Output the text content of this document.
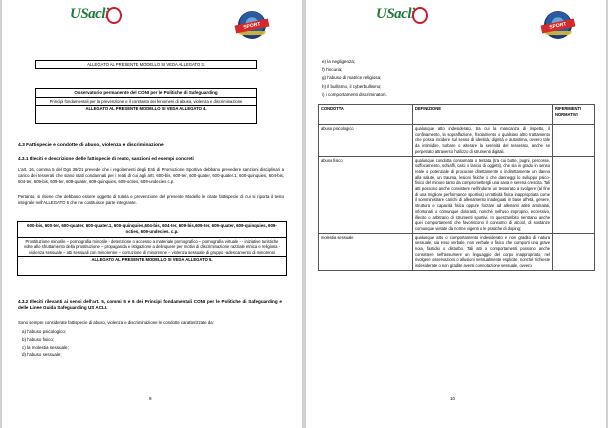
USacli
SPORT
ALLEGATO AL PRESENTE MODELLO SI VEDA ALLEGATO 3.
Osservatorio permanente del CONI per le Politiche di Safeguarding
Principi fondamentali per la prevenzione e il contrasto dei fenomeni di abuso, violenza e discriminazione
ALLEGATO AL PRESENTE MODELLO SI VEDA ALLEGATO 4.
4.3 Fattispecie e condotte di abuso, violenza e discriminazione
4.3.1 Illeciti e descrizione delle fattispecie di reato, sanzioni ed esempi concreti
L'art. 16, comma 5 del Dgs 39/21 prevede che i regolamenti degli Enti di Promozione Sportiva debbano prevedere sanzioni disciplinari a carico dei tesserati che siano stati condannati per i reati di cui agli artt. 600-bis, 600-ter, 600-quater, 600-quater.1, 600-quinquies, 604-bis, 604-ter, 609-bis, 609-ter, 609-quater, 609-quinquies, 609-octies, 609-undecies c.p.
Pertanto, si ritiene che debbano essere oggetto di tutela e prevenzione del presente Modello le citate fattispecie di cui si riporta il testo integrale nell'ALLEGATO 5 che ne costituisce parte integrante.
600-bis, 600-ter, 600-quater, 600-quater.1, 600-quinquies,604-bis, 604-ter, 609-bis,609-ter, 609-quater, 609-quinquies, 609-octies, 609-undecies. c.p.
Prostituzione minorile – pornografia minorile - detenzione o accesso a materiale pornografico – pornografia virtuale - - iniziative turistiche volte allo sfruttamento della prostituzione – propaganda e istigazione a delinquere per motivi di discriminazione razziale etnica e religiosa -violenza sessuale – atti sessuali con minorenne – corruzione di minorenne – violenza sessuale di gruppo -adescamento di minorenni
ALLEGATO AL PRESENTE MODELLO SI VEDA ALLEGATO 5.
4.3.2 Illeciti rilevanti ai sensi dell'art. 5, commi 5 e 6 dei Principi fondamentali CONI per le Politiche di Safeguarding e delle Linee Guida Safeguarding US ACLI.
Sono sempre considerate fattispecie di abuso, violenza e discriminazione le condotte caratterizzate da:
a) l'abuso psicologico;
b) l'abuso fisico;
c) la molestia sessuale;
d) l'abuso sessuale;
9
USacli
SPORT
e) la negligenza;
f) l'incuria;
g) l'abuso di matrice religiosa;
h) il bullismo, il cyberbullismo;
i) i comportamenti discriminatori.
CONDOTTA	DEFINIZIONE	RIFERIMENTI NORMATIVI
abuso psicologico	qualunque atto indesiderato, tra cui la mancanza di rispetto, il confinamento, la sopraffazione, l'isolamento o qualsiasi altro trattamento che possa incidere sul senso di identità, dignità e autostima, ovvero tale da intimidire, turbare o alterare la serenità del tesserato, anche se perpetrato attraverso l'utilizzo di strumenti digitali.	
abuso fisico	qualunque condotta consumata o tentata (tra cui botte, pugni, percosse, soffocamento, schiaffi, calci o lancio di oggetti), che sia in grado in senso reale o potenziale di procurare direttamente o indirettamente un danno alla salute, un trauma, lesioni fisiche o che danneggi lo sviluppo psico-fisico del minore tanto da compromettergli una sana e serena crescita. Tali atti possono anche consistere nell'indurre un tesserato a svolgere (al fine di una migliore performance sportiva) un'attività fisica inappropriata come il somministrare carichi di allenamento inadeguati in base all'età, genere, struttura e capacità fisica oppure forzare ad allenarsi atleti ammalati, infortunati o comunque doloranti, nonché nell'uso improprio, eccessivo, illecito o arbitrario di strumenti sportivi. In quest'ambito rientrano anche quei comportamenti che favoriscono il consumo di alcool, di sostanze comunque vietate da norme vigenti o le pratiche di doping;	
molestia sessuale	qualunque atto o comportamento indesiderato e non gradito di natura sessuale, sia esso verbale, non verbale o fisico che comporti una grave noia, fastidio o disturbo. Tali atti o comportamenti possono anche consistere nell'assumere un linguaggio del corpo inappropriato, nel rivolgere osservazioni o allusioni sessualmente esplicite, nonché richieste indesiderate o non gradite aventi connotazione sessuale, ovvero	
10
